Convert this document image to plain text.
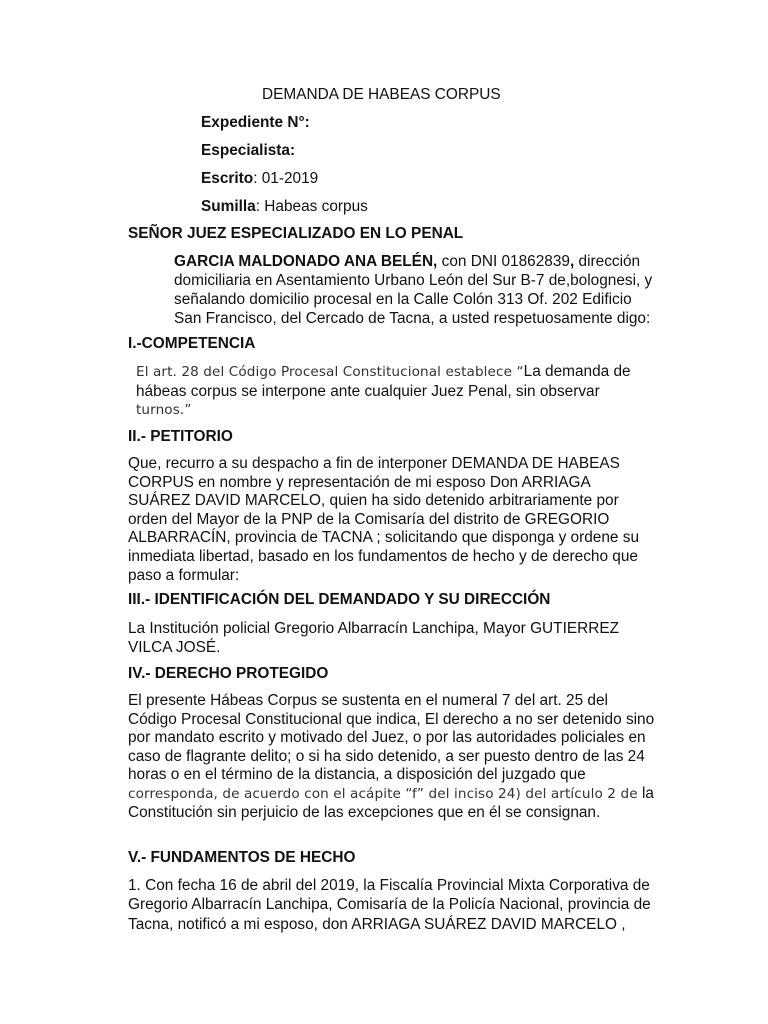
DEMANDA DE HABEAS CORPUS

Expediente N°:

Especialista:

Escrito: 01-2019

Sumilla: Habeas corpus

SEÑOR JUEZ ESPECIALIZADO EN LO PENAL

GARCIA MALDONADO ANA BELÉN, con DNI 01862839, dirección
domiciliaria en Asentamiento Urbano León del Sur B-7 de,bolognesi, y
señalando domicilio procesal en la Calle Colón 313 Of. 202 Edificio
San Francisco, del Cercado de Tacna, a usted respetuosamente digo:

I.-COMPETENCIA

El art. 28 del Código Procesal Constitucional establece “La demanda de
hábeas corpus se interpone ante cualquier Juez Penal, sin observar
turnos.”

II.- PETITORIO

Que, recurro a su despacho a fin de interponer DEMANDA DE HABEAS
CORPUS en nombre y representación de mi esposo Don ARRIAGA
SUÁREZ DAVID MARCELO, quien ha sido detenido arbitrariamente por
orden del Mayor de la PNP de la Comisaría del distrito de GREGORIO
ALBARRACÍN, provincia de TACNA ; solicitando que disponga y ordene su
inmediata libertad, basado en los fundamentos de hecho y de derecho que
paso a formular:

III.- IDENTIFICACIÓN DEL DEMANDADO Y SU DIRECCIÓN

La Institución policial Gregorio Albarracín Lanchipa, Mayor GUTIERREZ
VILCA JOSÉ.

IV.- DERECHO PROTEGIDO

El presente Hábeas Corpus se sustenta en el numeral 7 del art. 25 del
Código Procesal Constitucional que indica, El derecho a no ser detenido sino
por mandato escrito y motivado del Juez, o por las autoridades policiales en
caso de flagrante delito; o si ha sido detenido, a ser puesto dentro de las 24
horas o en el término de la distancia, a disposición del juzgado que
corresponda, de acuerdo con el acápite “f” del inciso 24) del artículo 2 de la
Constitución sin perjuicio de las excepciones que en él se consignan.

V.- FUNDAMENTOS DE HECHO

1. Con fecha 16 de abril del 2019, la Fiscalía Provincial Mixta Corporativa de
Gregorio Albarracín Lanchipa, Comisaría de la Policía Nacional, provincia de
Tacna, notificó a mi esposo, don ARRIAGA SUÁREZ DAVID MARCELO ,
